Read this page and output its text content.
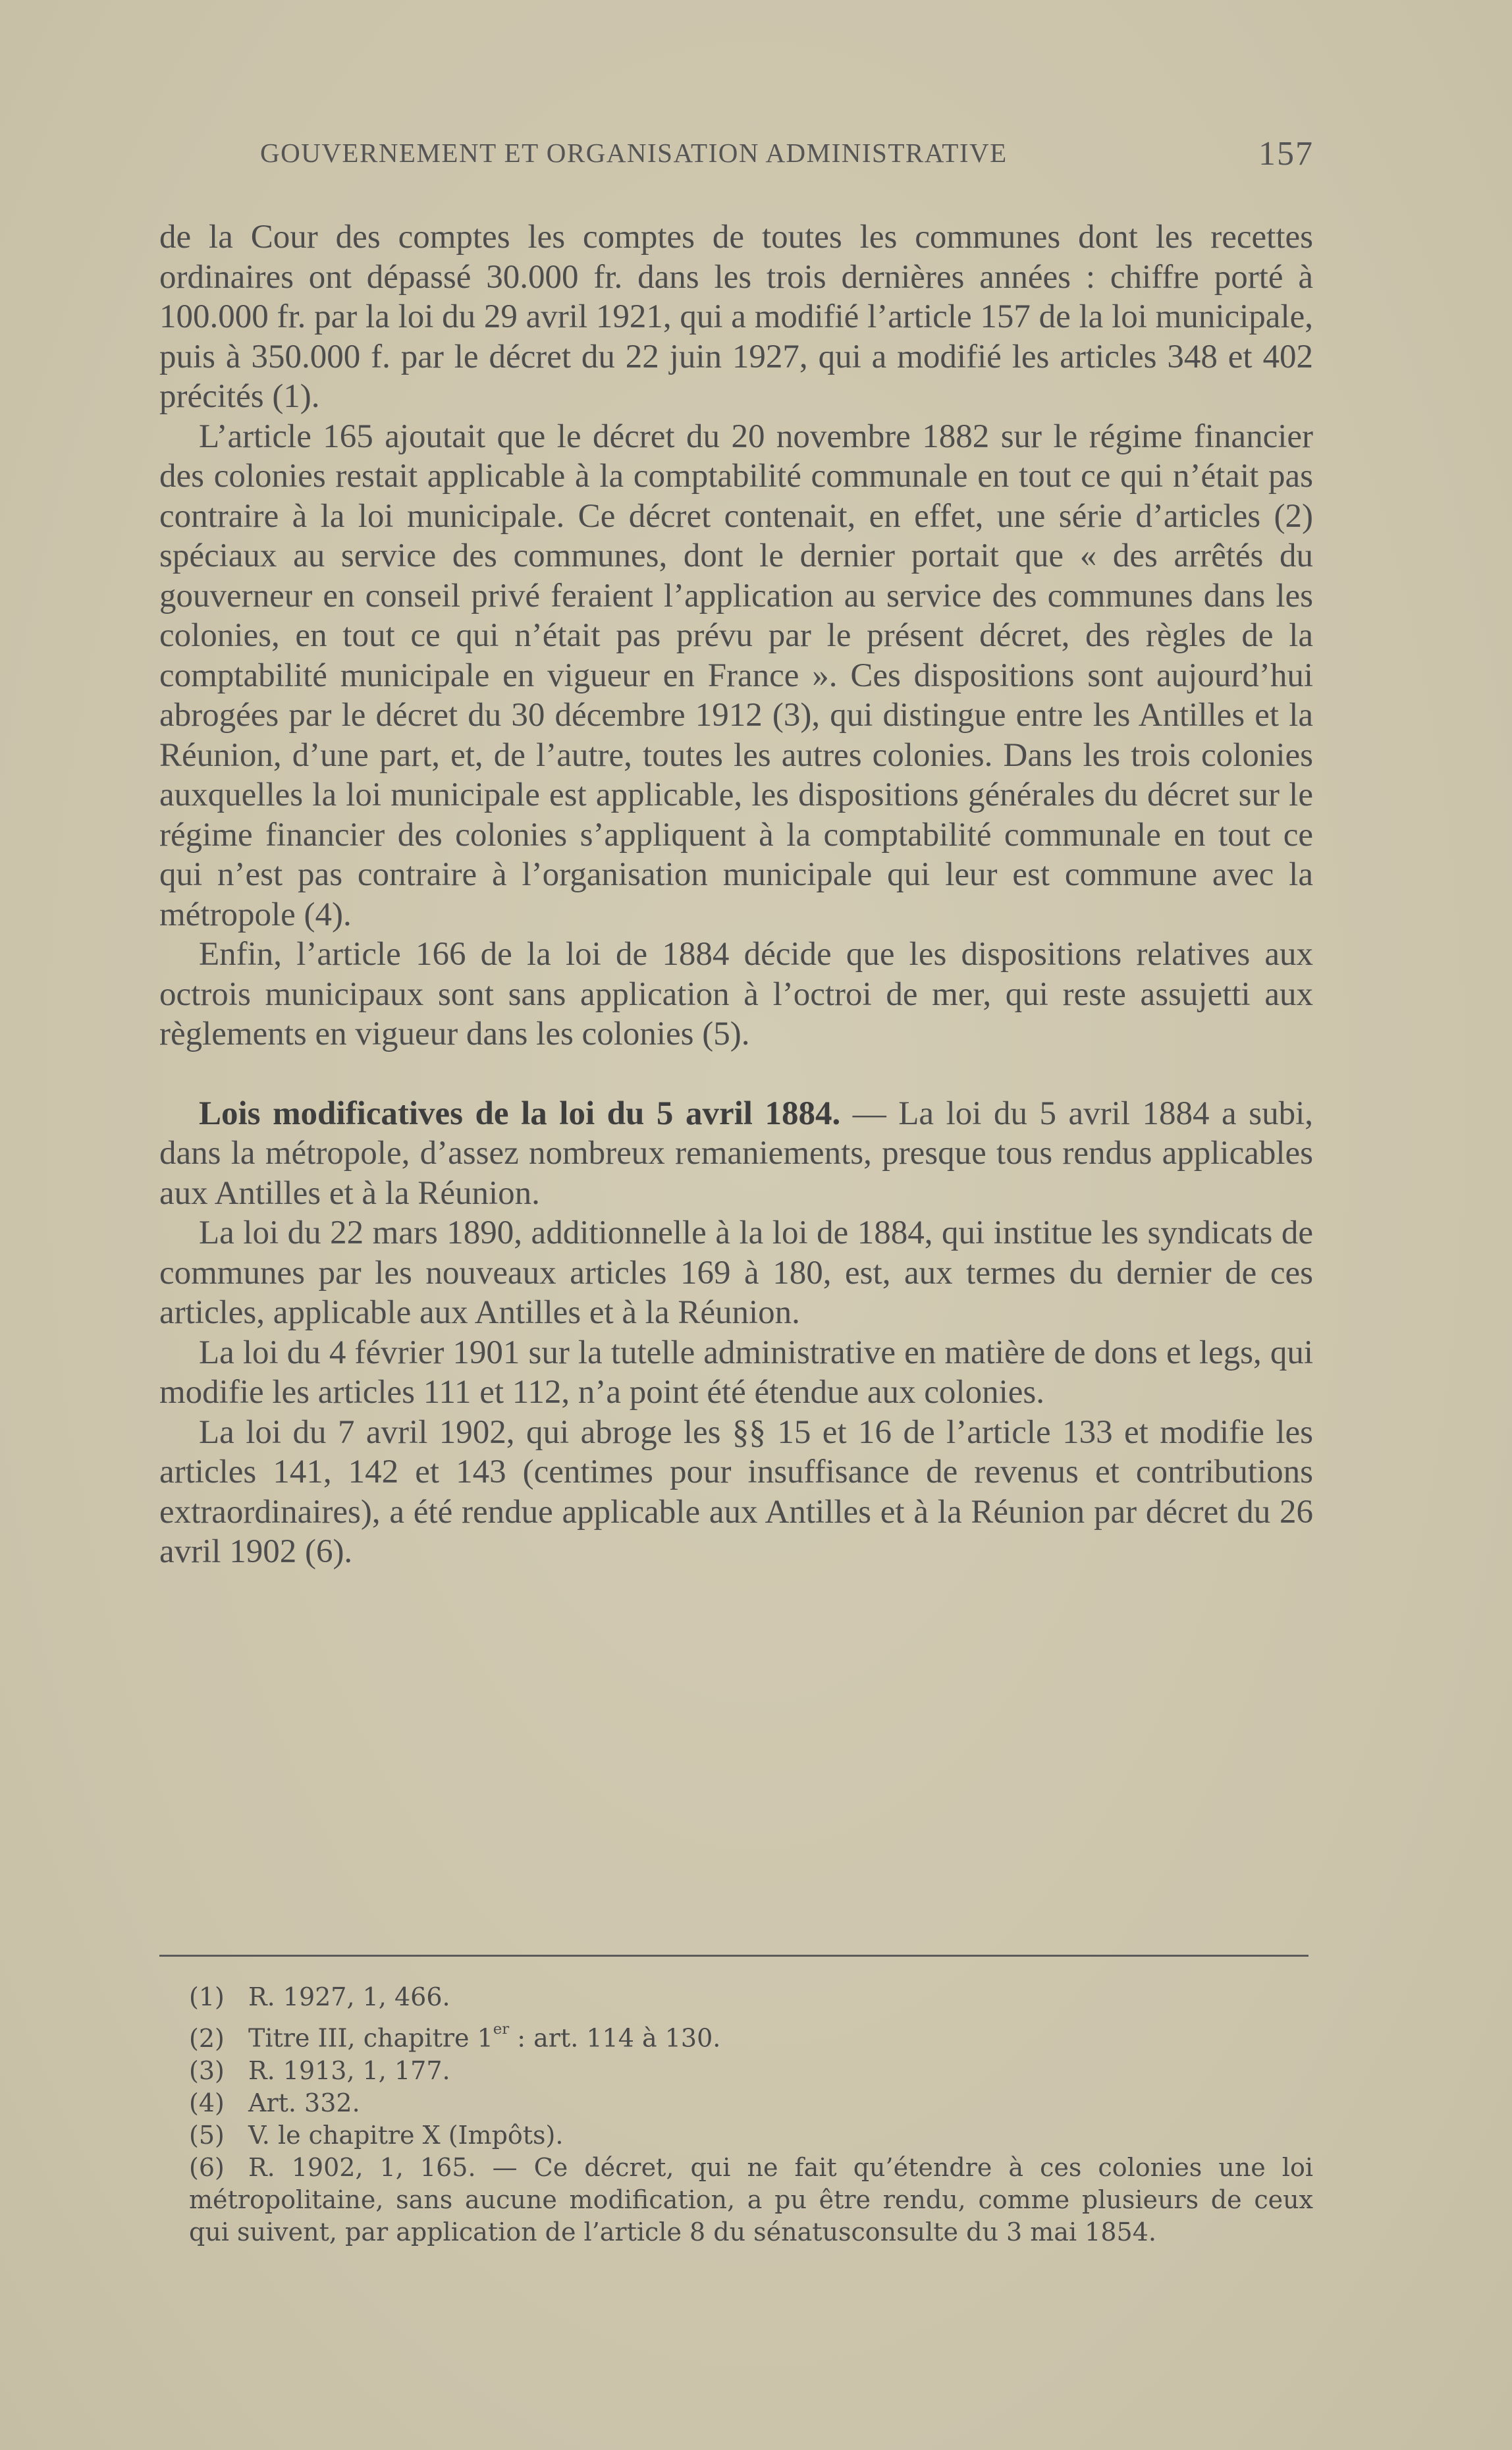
GOUVERNEMENT ET ORGANISATION ADMINISTRATIVE	157

de la Cour des comptes les comptes de toutes les communes dont les recettes ordinaires ont dépassé 30.000 fr. dans les trois dernières années : chiffre porté à 100.000 fr. par la loi du 29 avril 1921, qui a modifié l’article 157 de la loi municipale, puis à 350.000 f. par le décret du 22 juin 1927, qui a modifié les articles 348 et 402 précités (1).

L’article 165 ajoutait que le décret du 20 novembre 1882 sur le régime financier des colonies restait applicable à la comptabilité communale en tout ce qui n’était pas contraire à la loi municipale. Ce décret contenait, en effet, une série d’articles (2) spéciaux au service des communes, dont le dernier portait que « des arrêtés du gouverneur en conseil privé feraient l’application au service des communes dans les colonies, en tout ce qui n’était pas prévu par le présent décret, des règles de la comptabilité municipale en vigueur en France ». Ces dispositions sont aujourd’hui abrogées par le décret du 30 décembre 1912 (3), qui distingue entre les Antilles et la Réunion, d’une part, et, de l’autre, toutes les autres colonies. Dans les trois colonies auxquelles la loi municipale est applicable, les dispositions générales du décret sur le régime financier des colonies s’appliquent à la comptabilité communale en tout ce qui n’est pas contraire à l’organisation municipale qui leur est commune avec la métropole (4).

Enfin, l’article 166 de la loi de 1884 décide que les dispositions relatives aux octrois municipaux sont sans application à l’octroi de mer, qui reste assujetti aux règlements en vigueur dans les colonies (5).

Lois modificatives de la loi du 5 avril 1884. — La loi du 5 avril 1884 a subi, dans la métropole, d’assez nombreux remaniements, presque tous rendus applicables aux Antilles et à la Réunion.

La loi du 22 mars 1890, additionnelle à la loi de 1884, qui institue les syndicats de communes par les nouveaux articles 169 à 180, est, aux termes du dernier de ces articles, applicable aux Antilles et à la Réunion.

La loi du 4 février 1901 sur la tutelle administrative en matière de dons et legs, qui modifie les articles 111 et 112, n’a point été étendue aux colonies.

La loi du 7 avril 1902, qui abroge les §§ 15 et 16 de l’article 133 et modifie les articles 141, 142 et 143 (centimes pour insuffisance de revenus et contributions extraordinaires), a été rendue applicable aux Antilles et à la Réunion par décret du 26 avril 1902 (6).

(1) R. 1927, 1, 466.

(2) Titre III, chapitre 1er : art. 114 à 130.

(3) R. 1913, 1, 177.

(4) Art. 332.

(5) V. le chapitre X (Impôts).

(6) R. 1902, 1, 165. — Ce décret, qui ne fait qu’étendre à ces colonies une loi métropolitaine, sans aucune modification, a pu être rendu, comme plusieurs de ceux qui suivent, par application de l’article 8 du sénatusconsulte du 3 mai 1854.
